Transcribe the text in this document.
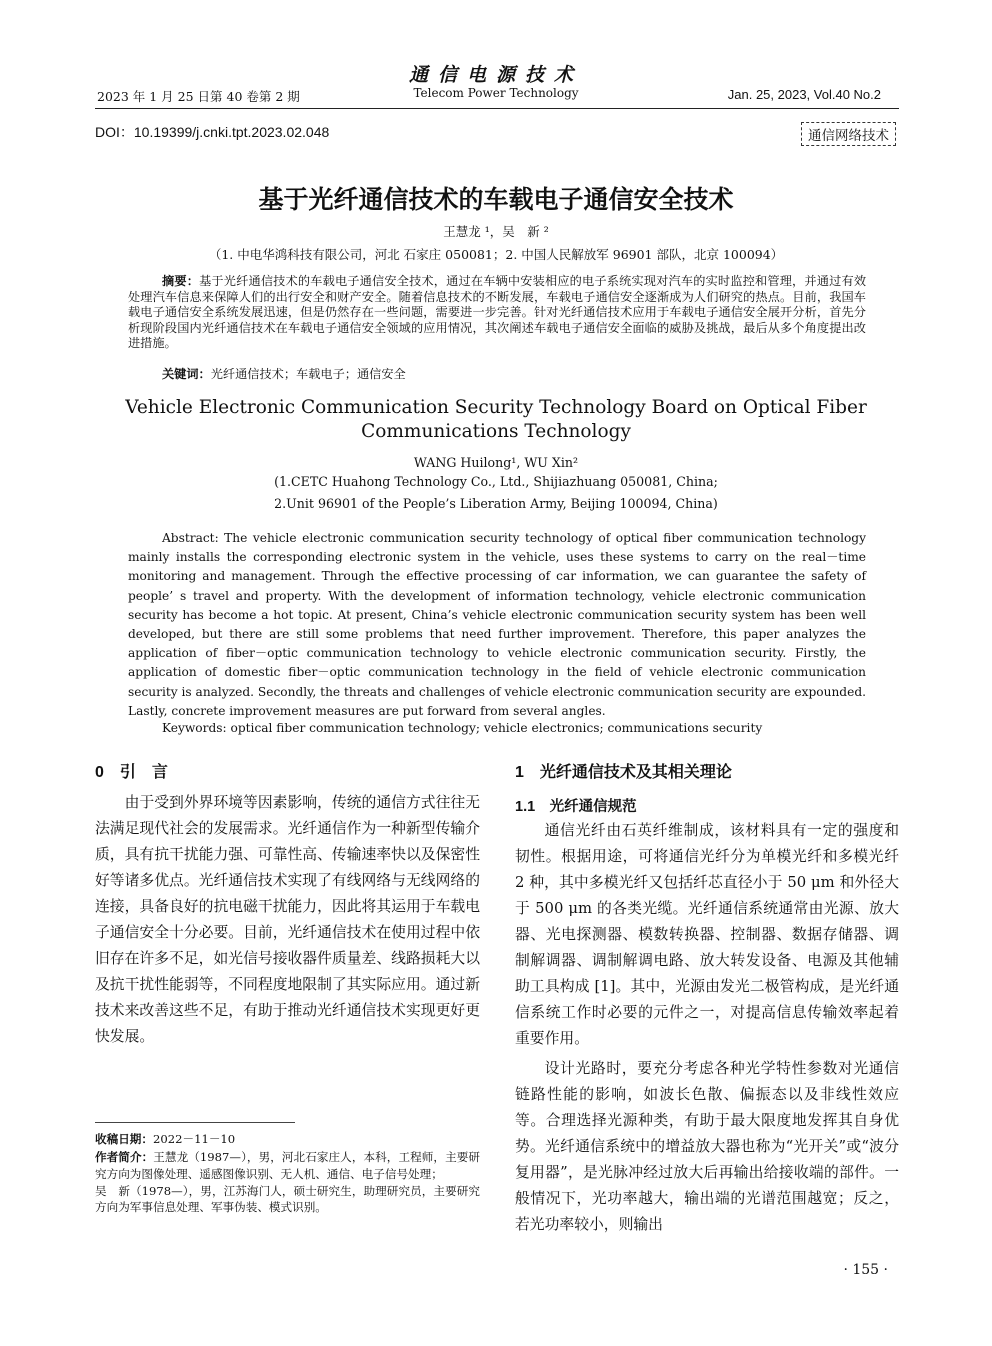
通信电源技术
2023 年 1 月 25 日第 40 卷第 2 期	Telecom Power Technology	Jan. 25, 2023, Vol.40 No.2
DOI：10.19399/j.cnki.tpt.2023.02.048	通信网络技术
基于光纤通信技术的车载电子通信安全技术
王慧龙 ¹，吴　新 ²
（1. 中电华鸿科技有限公司，河北 石家庄 050081；2. 中国人民解放军 96901 部队，北京 100094）
摘要：基于光纤通信技术的车载电子通信安全技术，通过在车辆中安装相应的电子系统实现对汽车的实时监控和管理，并通过有效处理汽车信息来保障人们的出行安全和财产安全。随着信息技术的不断发展，车载电子通信安全逐渐成为人们研究的热点。目前，我国车载电子通信安全系统发展迅速，但是仍然存在一些问题，需要进一步完善。针对光纤通信技术应用于车载电子通信安全展开分析，首先分析现阶段国内光纤通信技术在车载电子通信安全领域的应用情况，其次阐述车载电子通信安全面临的威胁及挑战，最后从多个角度提出改进措施。
关键词：光纤通信技术；车载电子；通信安全
Vehicle Electronic Communication Security Technology Board on Optical Fiber Communications Technology
WANG Huilong¹, WU Xin²
(1.CETC Huahong Technology Co., Ltd., Shijiazhuang 050081, China;
2.Unit 96901 of the People’s Liberation Army, Beijing 100094, China)
Abstract: The vehicle electronic communication security technology of optical fiber communication technology mainly installs the corresponding electronic system in the vehicle, uses these systems to carry on the real－time monitoring and management. Through the effective processing of car information, we can guarantee the safety of people’ s travel and property. With the development of information technology, vehicle electronic communication security has become a hot topic. At present, China’s vehicle electronic communication security system has been well developed, but there are still some problems that need further improvement. Therefore, this paper analyzes the application of fiber－optic communication technology to vehicle electronic communication security. Firstly, the application of domestic fiber－optic communication technology in the field of vehicle electronic communication security is analyzed. Secondly, the threats and challenges of vehicle electronic communication security are expounded. Lastly, concrete improvement measures are put forward from several angles.
Keywords: optical fiber communication technology; vehicle electronics; communications security
0　引　言
由于受到外界环境等因素影响，传统的通信方式往往无法满足现代社会的发展需求。光纤通信作为一种新型传输介质，具有抗干扰能力强、可靠性高、传输速率快以及保密性好等诸多优点。光纤通信技术实现了有线网络与无线网络的连接，具备良好的抗电磁干扰能力，因此将其运用于车载电子通信安全十分必要。目前，光纤通信技术在使用过程中依旧存在许多不足，如光信号接收器件质量差、线路损耗大以及抗干扰性能弱等，不同程度地限制了其实际应用。通过新技术来改善这些不足，有助于推动光纤通信技术实现更好更快发展。
1　光纤通信技术及其相关理论
1.1　光纤通信规范
通信光纤由石英纤维制成，该材料具有一定的强度和韧性。根据用途，可将通信光纤分为单模光纤和多模光纤 2 种，其中多模光纤又包括纤芯直径小于 50 μm 和外径大于 500 μm 的各类光缆。光纤通信系统通常由光源、放大器、光电探测器、模数转换器、控制器、数据存储器、调制解调器、调制解调电路、放大转发设备、电源及其他辅助工具构成 [1]。其中，光源由发光二极管构成，是光纤通信系统工作时必要的元件之一，对提高信息传输效率起着重要作用。
设计光路时，要充分考虑各种光学特性参数对光通信链路性能的影响，如波长色散、偏振态以及非线性效应等。合理选择光源种类，有助于最大限度地发挥其自身优势。光纤通信系统中的增益放大器也称为“光开关”或“波分复用器”，是光脉冲经过放大后再输出给接收端的部件。一般情况下，光功率越大，输出端的光谱范围越宽；反之，若光功率较小，则输出
收稿日期：2022－11－10
作者简介：王慧龙（1987—），男，河北石家庄人，本科，工程师，主要研究方向为图像处理、遥感图像识别、无人机、通信、电子信号处理；
吴　新（1978—），男，江苏海门人，硕士研究生，助理研究员，主要研究方向为军事信息处理、军事伪装、模式识别。
· 155 ·
